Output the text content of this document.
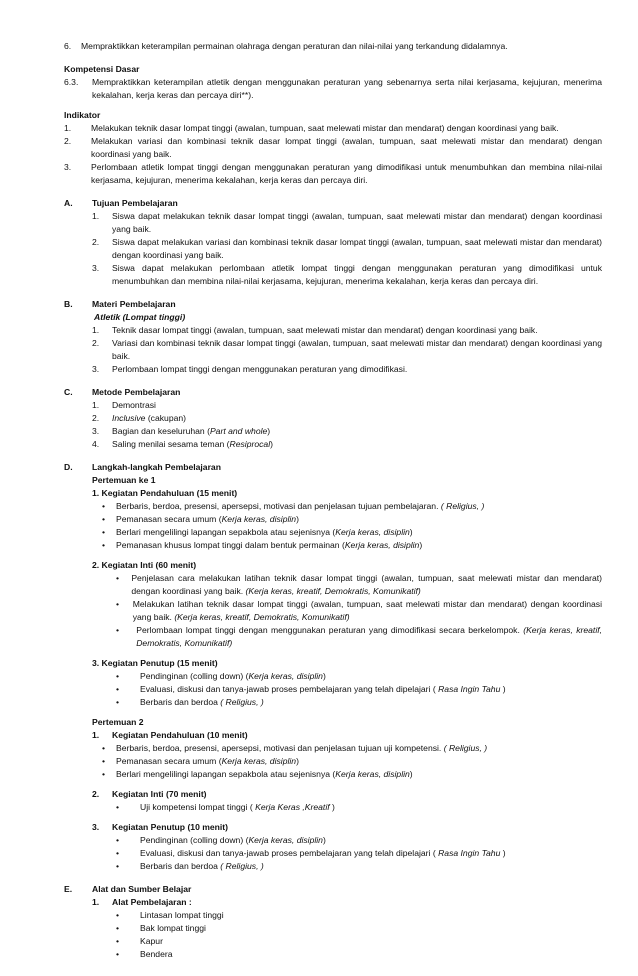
6.	Mempraktikkan keterampilan permainan olahraga dengan peraturan dan nilai-nilai yang terkandung didalamnya.
Kompetensi Dasar
6.3.	Mempraktikkan keterampilan atletik dengan menggunakan peraturan yang sebenarnya serta nilai kerjasama, kejujuran, menerima kekalahan, kerja keras dan percaya diri**).
Indikator
1.	Melakukan teknik dasar lompat tinggi (awalan, tumpuan, saat melewati mistar dan mendarat) dengan koordinasi yang baik.
2.	Melakukan variasi dan kombinasi teknik dasar lompat tinggi (awalan, tumpuan, saat melewati mistar dan mendarat) dengan koordinasi yang baik.
3.	Perlombaan atletik lompat tinggi dengan menggunakan peraturan yang dimodifikasi untuk menumbuhkan dan membina nilai-nilai kerjasama, kejujuran, menerima kekalahan, kerja keras dan percaya diri.
A.	Tujuan Pembelajaran
1.	Siswa dapat melakukan teknik dasar lompat tinggi (awalan, tumpuan, saat melewati mistar dan mendarat) dengan koordinasi yang baik.
2.	Siswa dapat melakukan variasi dan kombinasi teknik dasar lompat tinggi (awalan, tumpuan, saat melewati mistar dan mendarat) dengan koordinasi yang baik.
3.	Siswa dapat melakukan perlombaan atletik lompat tinggi dengan menggunakan peraturan yang dimodifikasi untuk menumbuhkan dan membina nilai-nilai kerjasama, kejujuran, menerima kekalahan, kerja keras dan percaya diri.
B.	Materi Pembelajaran
Atletik (Lompat tinggi)
1.	Teknik dasar lompat tinggi (awalan, tumpuan, saat melewati mistar dan mendarat) dengan koordinasi yang baik.
2.	Variasi dan kombinasi teknik dasar lompat tinggi (awalan, tumpuan, saat melewati mistar dan mendarat) dengan koordinasi yang baik.
3.	Perlombaan lompat tinggi dengan menggunakan peraturan yang dimodifikasi.
C.	Metode Pembelajaran
1.	Demontrasi
2.	Inclusive (cakupan)
3.	Bagian dan keseluruhan (Part and whole)
4.	Saling menilai sesama teman (Resiprocal)
D.	Langkah-langkah Pembelajaran
Pertemuan ke 1
1. Kegiatan Pendahuluan (15 menit)
•	Berbaris, berdoa, presensi, apersepsi, motivasi dan penjelasan tujuan pembelajaran. ( Religius, )
•	Pemanasan secara umum (Kerja keras, disiplin)
•	Berlari mengelilingi lapangan sepakbola atau sejenisnya (Kerja keras, disiplin)
•	Pemanasan khusus lompat tinggi dalam bentuk permainan (Kerja keras, disiplin)
2. Kegiatan Inti (60 menit)
•	Penjelasan cara melakukan latihan teknik dasar lompat tinggi (awalan, tumpuan, saat melewati mistar dan mendarat) dengan koordinasi yang baik. (Kerja keras, kreatif, Demokratis, Komunikatif)
•	Melakukan latihan teknik dasar lompat tinggi (awalan, tumpuan, saat melewati mistar dan mendarat) dengan koordinasi yang baik. (Kerja keras, kreatif, Demokratis, Komunikatif)
•	Perlombaan lompat tinggi dengan menggunakan peraturan yang dimodifikasi secara berkelompok. (Kerja keras, kreatif, Demokratis, Komunikatif)
3. Kegiatan Penutup (15 menit)
•	Pendinginan (colling down) (Kerja keras, disiplin)
•	Evaluasi, diskusi dan tanya-jawab proses pembelajaran yang telah dipelajari ( Rasa Ingin Tahu )
•	Berbaris dan berdoa ( Religius, )
Pertemuan 2
1.	Kegiatan Pendahuluan (10 menit)
•	Berbaris, berdoa, presensi, apersepsi, motivasi dan penjelasan tujuan uji kompetensi. ( Religius, )
•	Pemanasan secara umum (Kerja keras, disiplin)
•	Berlari mengelilingi lapangan sepakbola atau sejenisnya (Kerja keras, disiplin)
2.	Kegiatan Inti (70 menit)
•	Uji kompetensi lompat tinggi ( Kerja Keras ,Kreatif )
3.	Kegiatan Penutup (10 menit)
•	Pendinginan (colling down) (Kerja keras, disiplin)
•	Evaluasi, diskusi dan tanya-jawab proses pembelajaran yang telah dipelajari ( Rasa Ingin Tahu )
•	Berbaris dan berdoa ( Religius, )
E.	Alat dan Sumber Belajar
1.	Alat Pembelajaran :
•	Lintasan lompat tinggi
•	Bak lompat tinggi
•	Kapur
•	Bendera
